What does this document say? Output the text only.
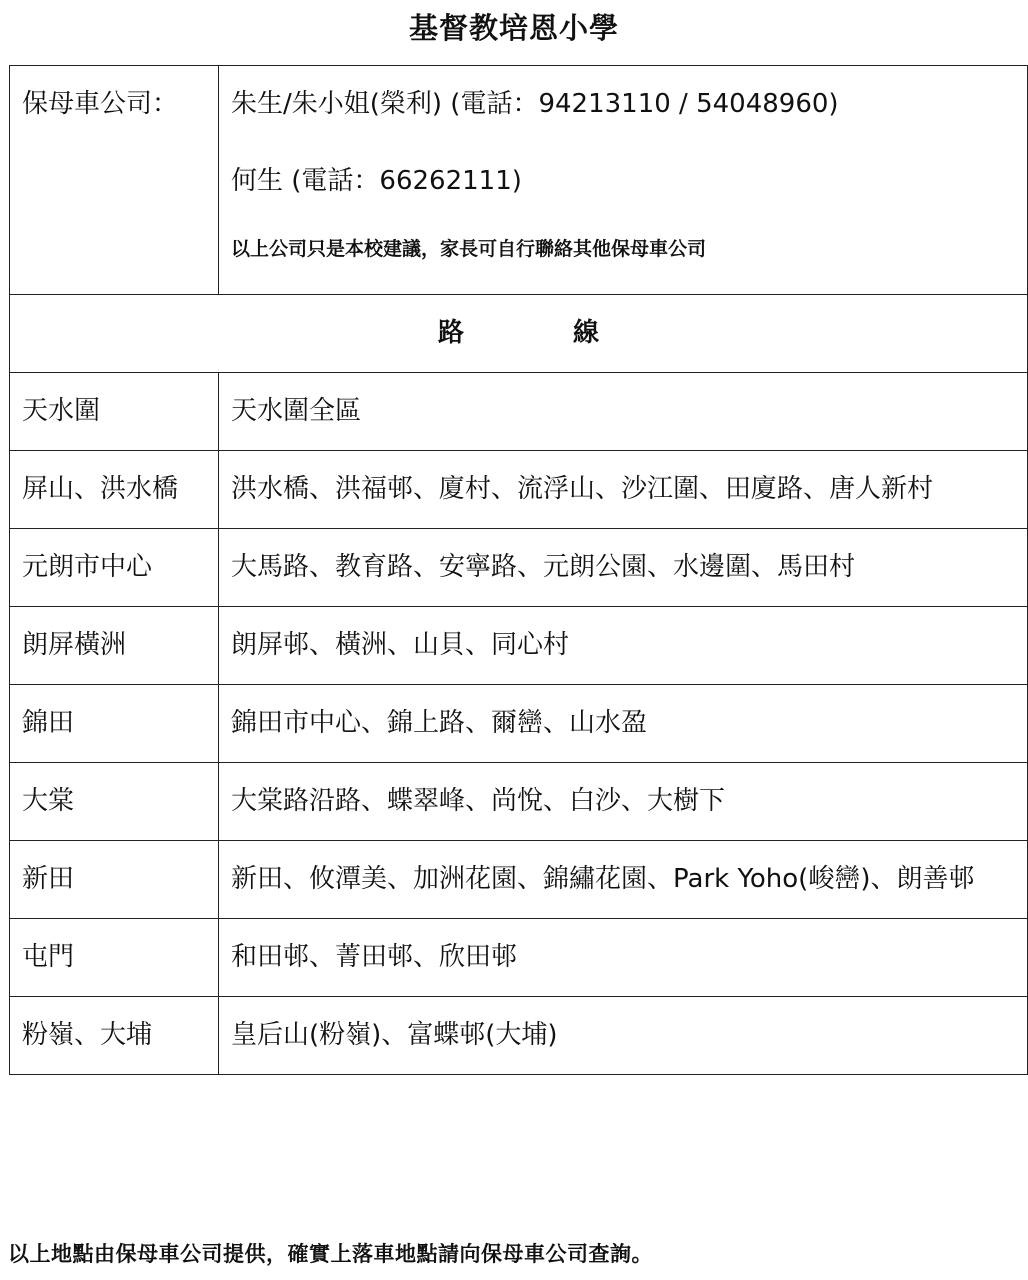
基督教培恩小學
保母車公司：	朱生/朱小姐(榮利) (電話：94213110 / 54048960)
何生 (電話：66262111)
以上公司只是本校建議，家長可自行聯絡其他保母車公司

路 線	
天水圍	天水圍全區
屏山、洪水橋	洪水橋、洪福邨、廈村、流浮山、沙江圍、田廈路、唐人新村
元朗市中心	大馬路、教育路、安寧路、元朗公園、水邊圍、馬田村
朗屏橫洲	朗屏邨、橫洲、山貝、同心村
錦田	錦田市中心、錦上路、爾巒、山水盈
大棠	大棠路沿路、蝶翠峰、尚悅、白沙、大樹下
新田	新田、攸潭美、加洲花園、錦繡花園、Park Yoho(峻巒)、朗善邨
屯門	和田邨、菁田邨、欣田邨
粉嶺、大埔	皇后山(粉嶺)、富蝶邨(大埔)
以上地點由保母車公司提供，確實上落車地點請向保母車公司查詢。
